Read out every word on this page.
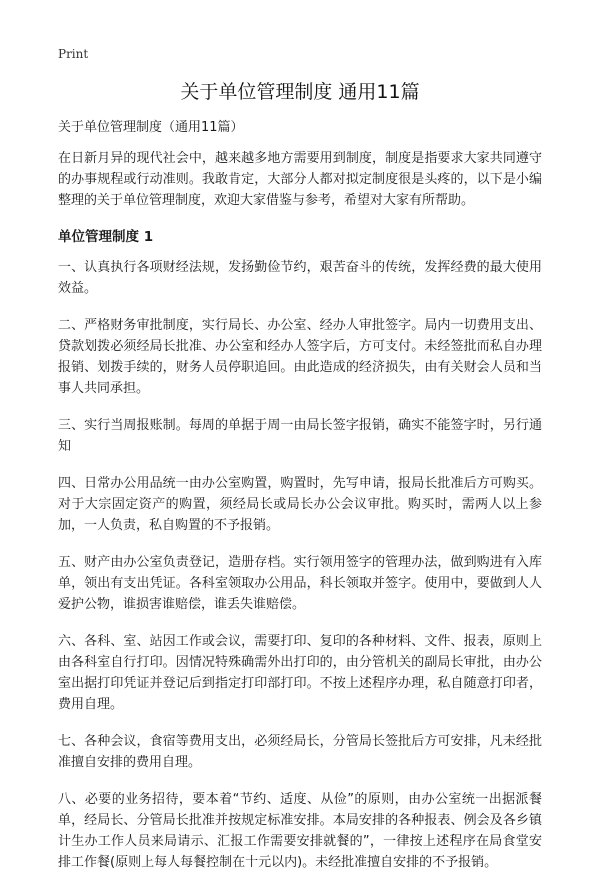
Print
关于单位管理制度 通用11篇
关于单位管理制度（通用11篇）

在日新月异的现代社会中，越来越多地方需要用到制度，制度是指要求大家共同遵守的办事规程或行动准则。我敢肯定，大部分人都对拟定制度很是头疼的，以下是小编整理的关于单位管理制度，欢迎大家借鉴与参考，希望对大家有所帮助。

单位管理制度 1

一、认真执行各项财经法规，发扬勤俭节约，艰苦奋斗的传统，发挥经费的最大使用效益。

二、严格财务审批制度，实行局长、办公室、经办人审批签字。局内一切费用支出、贷款划拨必须经局长批准、办公室和经办人签字后，方可支付。未经签批而私自办理报销、划拨手续的，财务人员停职追回。由此造成的经济损失，由有关财会人员和当事人共同承担。

三、实行当周报账制。每周的单据于周一由局长签字报销，确实不能签字时，另行通知

四、日常办公用品统一由办公室购置，购置时，先写申请，报局长批准后方可购买。对于大宗固定资产的购置，须经局长或局长办公会议审批。购买时，需两人以上参加，一人负责，私自购置的不予报销。

五、财产由办公室负责登记，造册存档。实行领用签字的管理办法，做到购进有入库单，领出有支出凭证。各科室领取办公用品，科长领取并签字。使用中，要做到人人爱护公物，谁损害谁赔偿，谁丢失谁赔偿。

六、各科、室、站因工作或会议，需要打印、复印的各种材料、文件、报表，原则上由各科室自行打印。因情况特殊确需外出打印的，由分管机关的副局长审批，由办公室出据打印凭证并登记后到指定打印部打印。不按上述程序办理，私自随意打印者，费用自理。

七、各种会议，食宿等费用支出，必须经局长，分管局长签批后方可安排，凡未经批准擅自安排的费用自理。

八、必要的业务招待，要本着“节约、适度、从俭”的原则，由办公室统一出据派餐单，经局长、分管局长批准并按规定标准安排。本局安排的各种报表、例会及各乡镇计生办工作人员来局请示、汇报工作需要安排就餐的”，一律按上述程序在局食堂安排工作餐(原则上每人每餐控制在十元以内)。未经批准擅自安排的不予报销。
